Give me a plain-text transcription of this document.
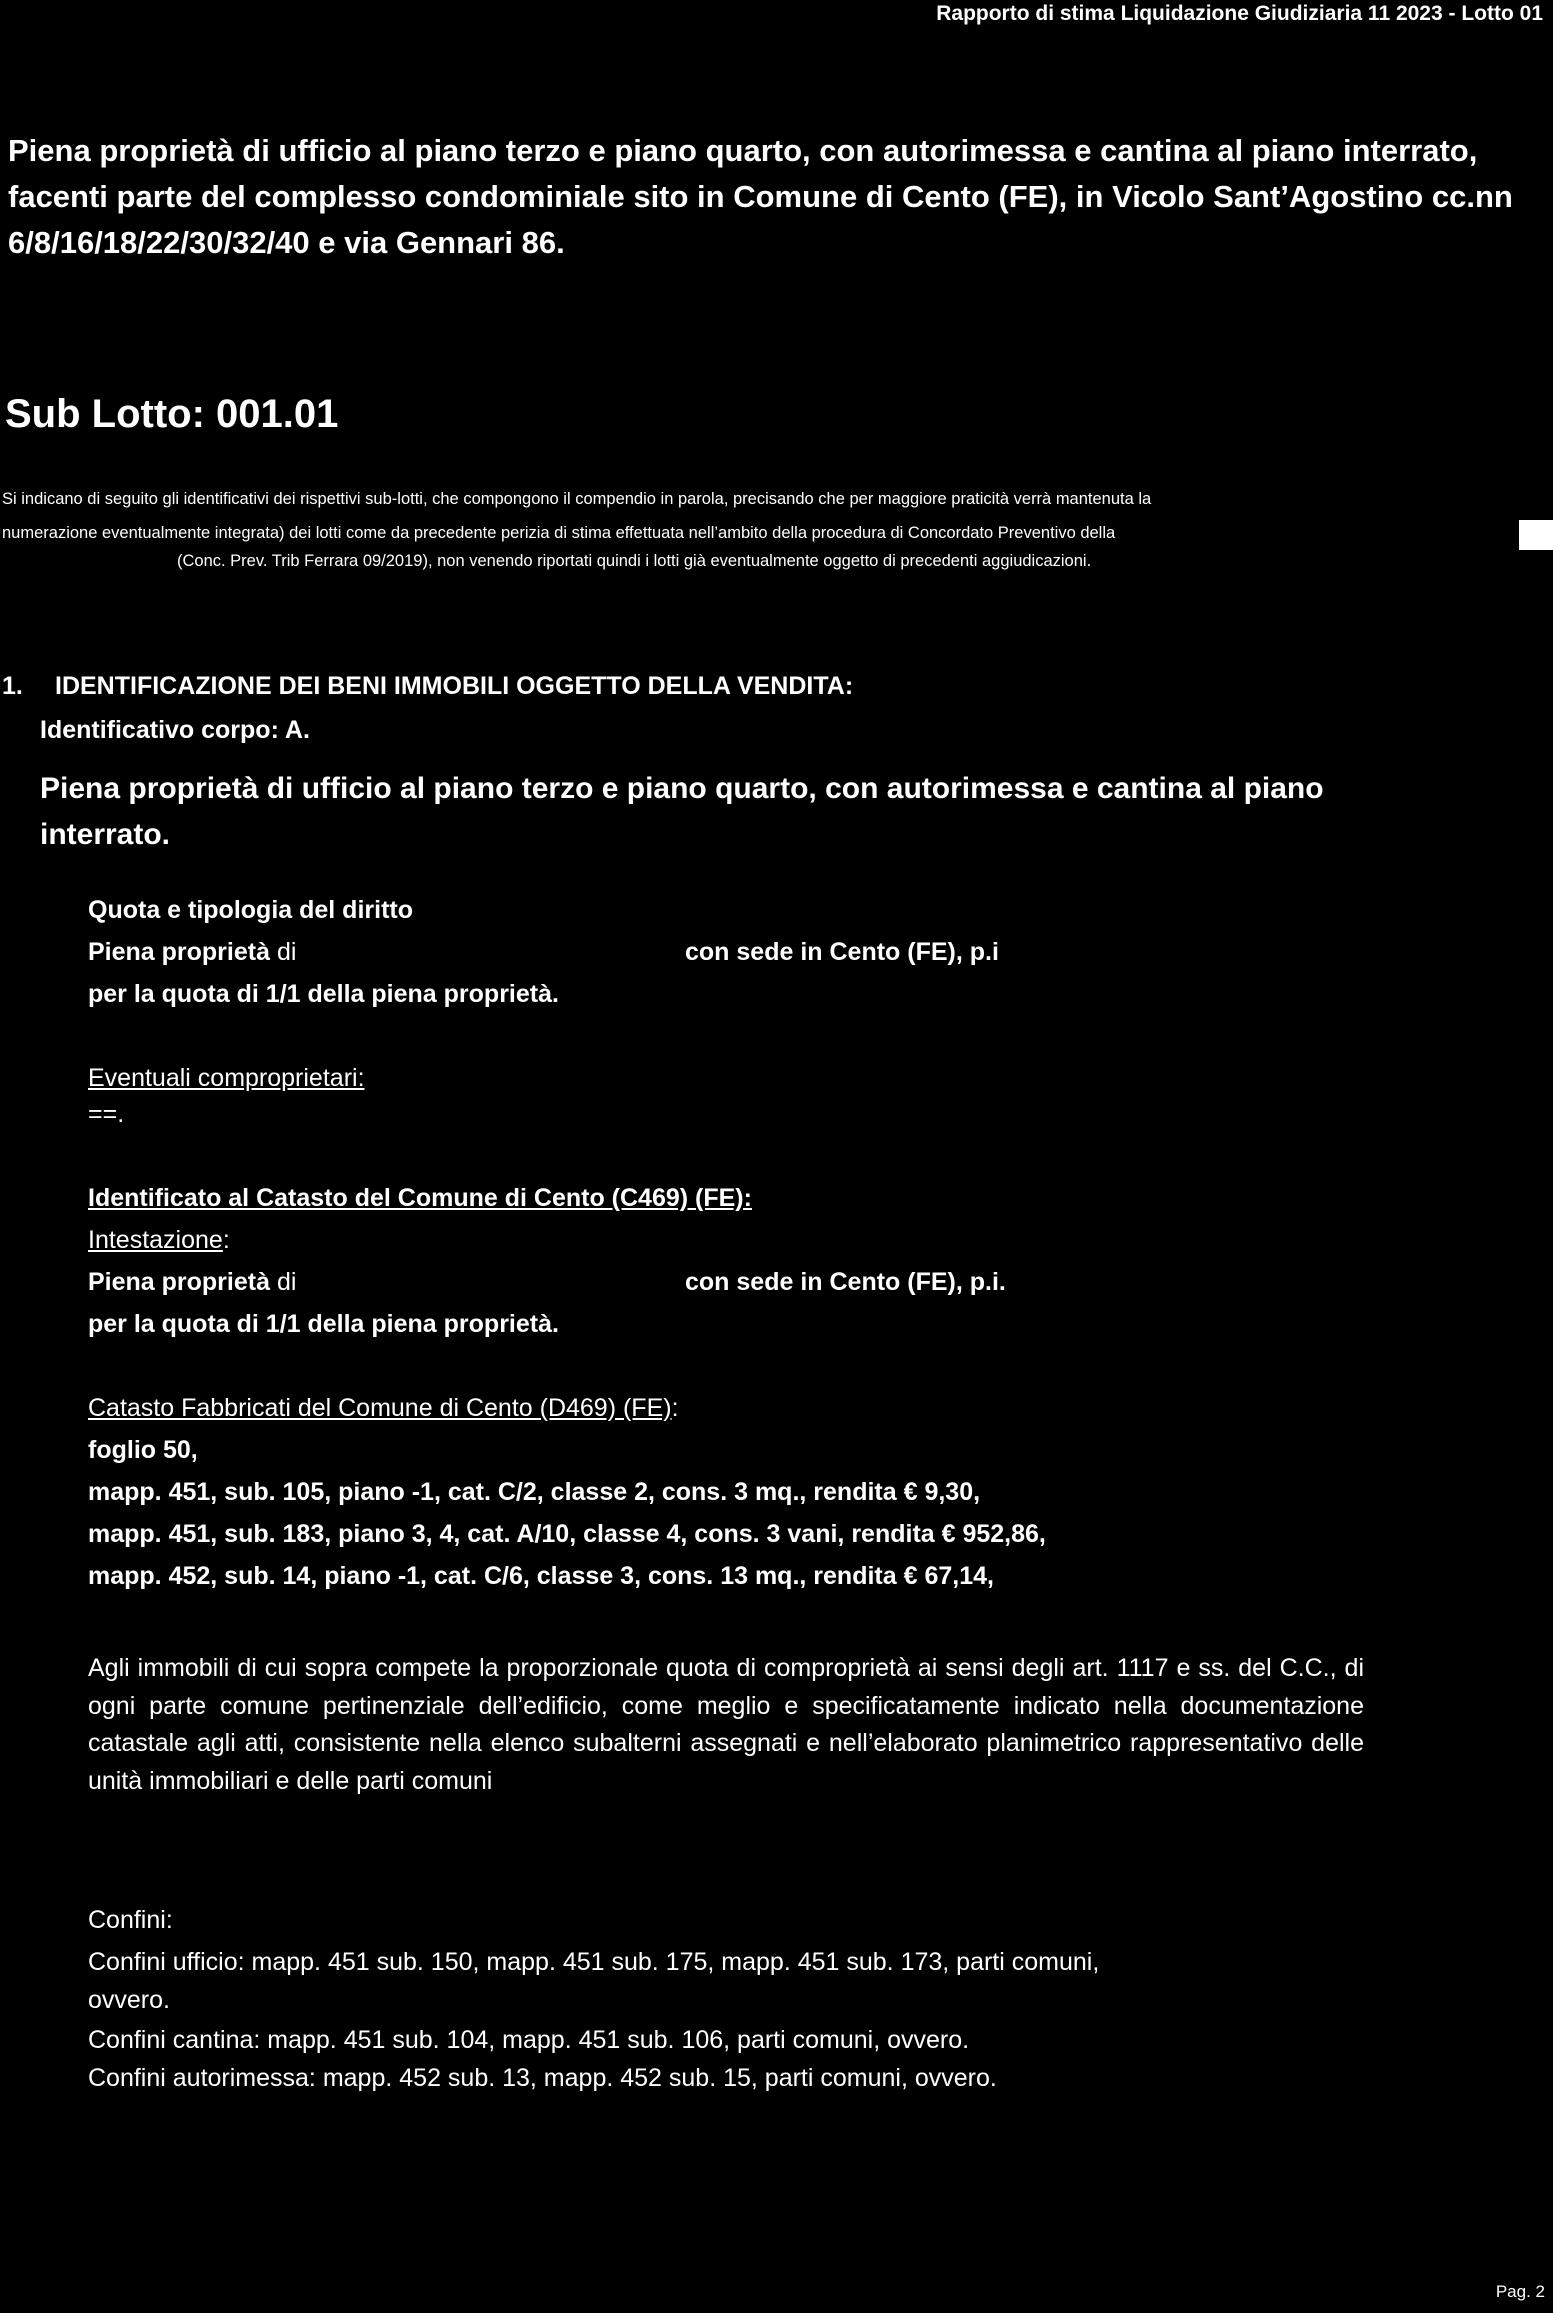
Rapporto di stima Liquidazione Giudiziaria 11 2023 - Lotto 01
Piena proprietà di ufficio al piano terzo e piano quarto, con autorimessa e cantina al piano interrato, facenti parte del complesso condominiale sito in Comune di Cento (FE), in Vicolo Sant’Agostino cc.nn 6/8/16/18/22/30/32/40 e via Gennari 86.
Sub Lotto: 001.01
Si indicano di seguito gli identificativi dei rispettivi sub-lotti, che compongono il compendio in parola, precisando che per maggiore praticità verrà mantenuta la
numerazione eventualmente integrata) dei lotti come da precedente perizia di stima effettuata nell’ambito della procedura di Concordato Preventivo della
(Conc. Prev. Trib Ferrara 09/2019), non venendo riportati quindi i lotti già eventualmente oggetto di precedenti aggiudicazioni.
1. IDENTIFICAZIONE DEI BENI IMMOBILI OGGETTO DELLA VENDITA:
Identificativo corpo: A.
Piena proprietà di ufficio al piano terzo e piano quarto, con autorimessa e cantina al piano interrato.
Quota e tipologia del diritto
Piena proprietà di	con sede in Cento (FE), p.i
per la quota di 1/1 della piena proprietà.
Eventuali comproprietari:
==.
Identificato al Catasto del Comune di Cento (C469) (FE):
Intestazione:
Piena proprietà di	con sede in Cento (FE), p.i.
per la quota di 1/1 della piena proprietà.
Catasto Fabbricati del Comune di Cento (D469) (FE):
foglio 50,
mapp. 451, sub. 105, piano -1, cat. C/2, classe 2, cons. 3 mq., rendita € 9,30,
mapp. 451, sub. 183, piano 3, 4, cat. A/10, classe 4, cons. 3 vani, rendita € 952,86,
mapp. 452, sub. 14, piano -1, cat. C/6, classe 3, cons. 13 mq., rendita € 67,14,
Agli immobili di cui sopra compete la proporzionale quota di comproprietà ai sensi degli art. 1117 e ss. del C.C., di ogni parte comune pertinenziale dell’edificio, come meglio e specificatamente indicato nella documentazione catastale agli atti, consistente nella elenco subalterni assegnati e nell’elaborato planimetrico rappresentativo delle unità immobiliari e delle parti comuni
Confini:
Confini ufficio: mapp. 451 sub. 150, mapp. 451 sub. 175, mapp. 451 sub. 173, parti comuni,
ovvero.
Confini cantina: mapp. 451 sub. 104, mapp. 451 sub. 106, parti comuni, ovvero.
Confini autorimessa: mapp. 452 sub. 13, mapp. 452 sub. 15, parti comuni, ovvero.
Pag. 2
